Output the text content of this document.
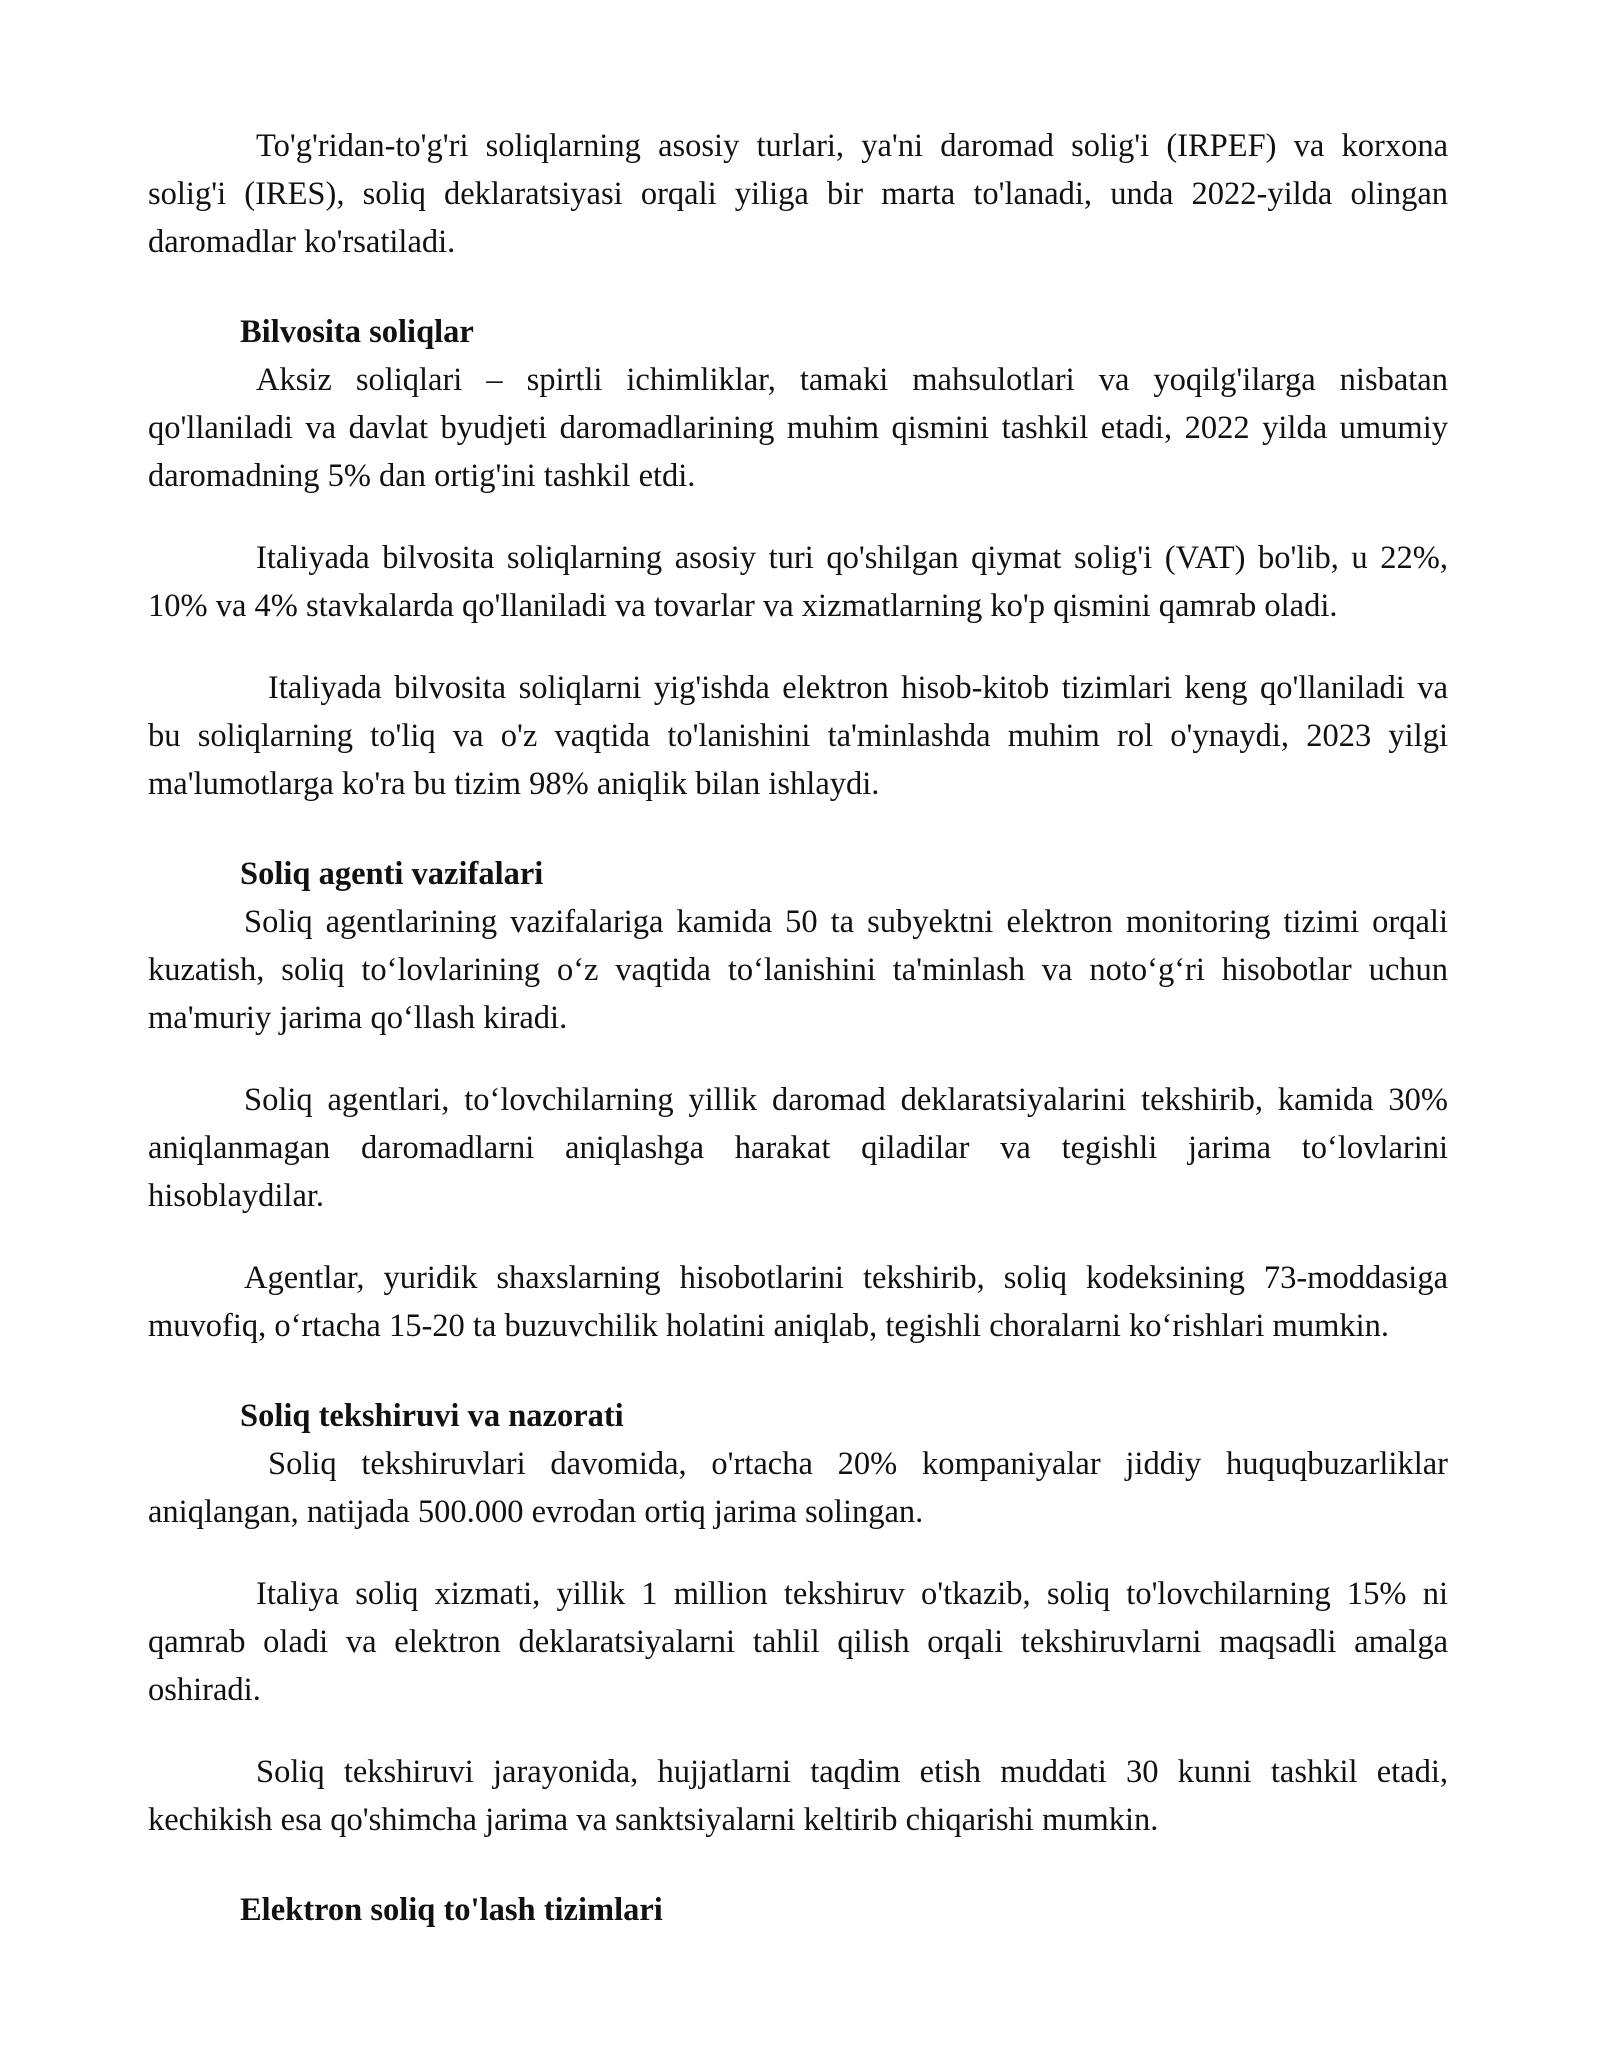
To'g'ridan-to'g'ri soliqlarning asosiy turlari, ya'ni daromad solig'i (IRPEF) va korxona solig'i (IRES), soliq deklaratsiyasi orqali yiliga bir marta to'lanadi, unda 2022-yilda olingan daromadlar ko'rsatiladi.

Bilvosita soliqlar

Aksiz soliqlari – spirtli ichimliklar, tamaki mahsulotlari va yoqilg'ilarga nisbatan qo'llaniladi va davlat byudjeti daromadlarining muhim qismini tashkil etadi, 2022 yilda umumiy daromadning 5% dan ortig'ini tashkil etdi.

Italiyada bilvosita soliqlarning asosiy turi qo'shilgan qiymat solig'i (VAT) bo'lib, u 22%, 10% va 4% stavkalarda qo'llaniladi va tovarlar va xizmatlarning ko'p qismini qamrab oladi.

Italiyada bilvosita soliqlarni yig'ishda elektron hisob-kitob tizimlari keng qo'llaniladi va bu soliqlarning to'liq va o'z vaqtida to'lanishini ta'minlashda muhim rol o'ynaydi, 2023 yilgi ma'lumotlarga ko'ra bu tizim 98% aniqlik bilan ishlaydi.

Soliq agenti vazifalari

Soliq agentlarining vazifalariga kamida 50 ta subyektni elektron monitoring tizimi orqali kuzatish, soliq to‘lovlarining o‘z vaqtida to‘lanishini ta'minlash va noto‘g‘ri hisobotlar uchun ma'muriy jarima qo‘llash kiradi.

Soliq agentlari, to‘lovchilarning yillik daromad deklaratsiyalarini tekshirib, kamida 30% aniqlanmagan daromadlarni aniqlashga harakat qiladilar va tegishli jarima to‘lovlarini hisoblaydilar.

Agentlar, yuridik shaxslarning hisobotlarini tekshirib, soliq kodeksining 73-moddasiga muvofiq, o‘rtacha 15-20 ta buzuvchilik holatini aniqlab, tegishli choralarni ko‘rishlari mumkin.

Soliq tekshiruvi va nazorati

Soliq tekshiruvlari davomida, o'rtacha 20% kompaniyalar jiddiy huquqbuzarliklar aniqlangan, natijada 500.000 evrodan ortiq jarima solingan.

Italiya soliq xizmati, yillik 1 million tekshiruv o'tkazib, soliq to'lovchilarning 15% ni qamrab oladi va elektron deklaratsiyalarni tahlil qilish orqali tekshiruvlarni maqsadli amalga oshiradi.

Soliq tekshiruvi jarayonida, hujjatlarni taqdim etish muddati 30 kunni tashkil etadi, kechikish esa qo'shimcha jarima va sanktsiyalarni keltirib chiqarishi mumkin.

Elektron soliq to'lash tizimlari
